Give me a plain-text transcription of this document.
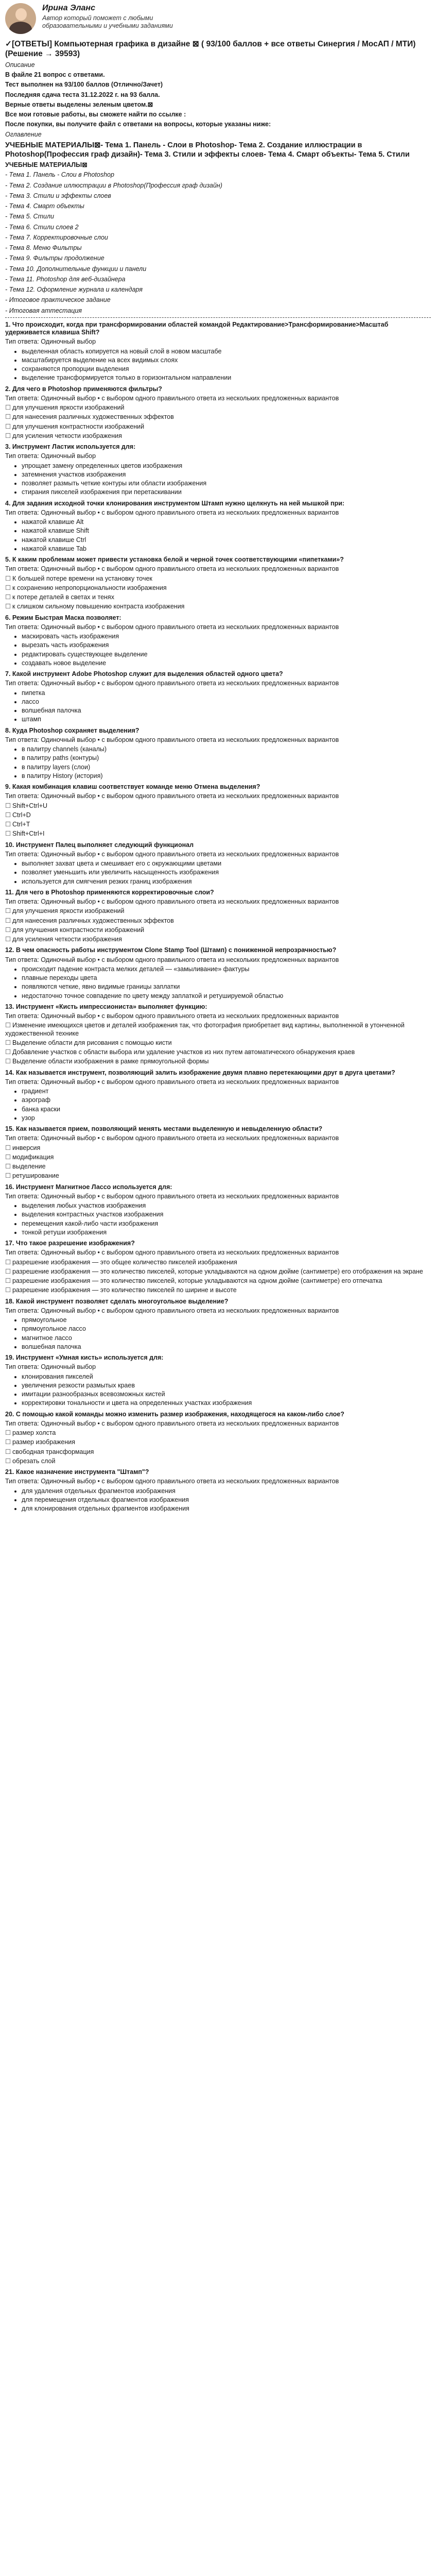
Ирина Эланс
Автор который поможет с любыми образовательными и учебными заданиями
✓[ОТВЕТЫ] Компьютерная графика в дизайне ⊠ ( 93/100 баллов + все ответы Синергия / МосАП / МТИ) (Решение → 39593)

Описание

В файле 21 вопрос с ответами.

Тест выполнен на 93/100 баллов (Отлично/Зачет)

Последняя сдача теста 31.12.2022 г. на 93 балла.

Верные ответы выделены зеленым цветом.⊠

Все мои готовые работы, вы сможете найти по ссылке :

После покупки, вы получите файл с ответами на вопросы, которые указаны ниже:

Оглавление

УЧЕБНЫЕ МАТЕРИАЛЫ⊠- Тема 1. Панель - Слои в Photoshop- Тема 2. Создание иллюстрации в Photoshop(Профессия граф дизайн)- Тема 3. Стили и эффекты слоев- Тема 4. Смарт объекты- Тема 5. Стили

УЧЕБНЫЕ МАТЕРИАЛЫ⊠

- Тема 1. Панель - Слои в Photoshop

- Тема 2. Создание иллюстрации в Photoshop(Профессия граф дизайн)

- Тема 3. Стили и эффекты слоев

- Тема 4. Смарт объекты

- Тема 5. Стили

- Тема 6. Стили слоев 2

- Тема 7. Корректировочные слои

- Тема 8. Меню Фильтры

- Тема 9. Фильтры продолжение

- Тема 10. Дополнительные функции и панели

- Тема 11. Photoshop для веб-дизайнера

- Тема 12. Оформление журнала и календаря

- Итоговое практическое задание

- Итоговая аттестация

1. Что происходит, когда при трансформировании областей командой Редактирование>Трансформирование>Масштаб удерживается клавиша Shift?

Тип ответа: Одиночный выбор

• выделенная область копируется на новый слой в новом масштабе
• масштабируется выделение на всех видимых слоях
• сохраняются пропорции выделения
• выделение трансформируется только в горизонтальном направлении

2. Для чего в Photoshop применяются фильтры?

Тип ответа: Одиночный выбор • с выбором одного правильного ответа из нескольких предложенных вариантов

☐ для улучшения яркости изображений

☐ для нанесения различных художественных эффектов

☐ для улучшения контрастности изображений

☐ для усиления четкости изображения

3. Инструмент Ластик используется для:

Тип ответа: Одиночный выбор

• упрощает замену определенных цветов изображения
• затемнения участков изображения
• позволяет размыть четкие контуры или области изображения
• стирания пикселей изображения при перетаскивании

4. Для задания исходной точки клонирования инструментом Штамп нужно щелкнуть на ней мышкой при:

Тип ответа: Одиночный выбор • с выбором одного правильного ответа из нескольких предложенных вариантов

• нажатой клавише Alt
• нажатой клавише Shift
• нажатой клавише Ctrl
• нажатой клавише Tab

5. К каким проблемам может привести установка белой и черной точек соответствующими «пипетками»?

Тип ответа: Одиночный выбор • с выбором одного правильного ответа из нескольких предложенных вариантов

☐ К большей потере времени на установку точек

☐ к сохранению непропорциональности изображения

☐ к потере деталей в светах и тенях

☐ к слишком сильному повышению контраста изображения

6. Режим Быстрая Маска позволяет:

Тип ответа: Одиночный выбор • с выбором одного правильного ответа из нескольких предложенных вариантов

• маскировать часть изображения
• вырезать часть изображения
• редактировать существующее выделение
• создавать новое выделение

7. Какой инструмент Adobe Photoshop служит для выделения областей одного цвета?

Тип ответа: Одиночный выбор • с выбором одного правильного ответа из нескольких предложенных вариантов

• пипетка
• лассо
• волшебная палочка
• штамп

8. Куда Photoshop сохраняет выделения?

Тип ответа: Одиночный выбор • с выбором одного правильного ответа из нескольких предложенных вариантов

• в палитру channels (каналы)
• в палитру paths (контуры)
• в палитру layers (слои)
• в палитру History (история)

9. Какая комбинация клавиш соответствует команде меню Отмена выделения?

Тип ответа: Одиночный выбор • с выбором одного правильного ответа из нескольких предложенных вариантов

☐ Shift+Ctrl+U

☐ Ctrl+D

☐ Ctrl+T

☐ Shift+Ctrl+I

10. Инструмент Палец выполняет следующий функционал

Тип ответа: Одиночный выбор • с выбором одного правильного ответа из нескольких предложенных вариантов

• выполняет захват цвета и смешивает его с окружающими цветами
• позволяет уменьшить или увеличить насыщенность изображения
• используется для смягчения резких границ изображения

11. Для чего в Photoshop применяются корректировочные слои?

Тип ответа: Одиночный выбор • с выбором одного правильного ответа из нескольких предложенных вариантов

☐ для улучшения яркости изображений

☐ для нанесения различных художественных эффектов

☐ для улучшения контрастности изображений

☐ для усиления четкости изображения

12. В чем опасность работы инструментом Clone Stamp Tool (Штамп) с пониженной непрозрачностью?

Тип ответа: Одиночный выбор • с выбором одного правильного ответа из нескольких предложенных вариантов

• происходит падение контраста мелких деталей — «замыливание» фактуры
• плавные переходы цвета
• появляются четкие, явно видимые границы заплатки
• недостаточно точное совпадение по цвету между заплаткой и ретушируемой областью

13. Инструмент «Кисть импрессиониста» выполняет функцию:

Тип ответа: Одиночный выбор • с выбором одного правильного ответа из нескольких предложенных вариантов

☐ Изменение имеющихся цветов и деталей изображения так, что фотография приобретает вид картины, выполненной в утонченной художественной технике

☐ Выделение области для рисования с помощью кисти

☐ Добавление участков с области выбора или удаление участков из них путем автоматического обнаружения краев

☐ Выделение области изображения в рамке прямоугольной формы

14. Как называется инструмент, позволяющий залить изображение двумя плавно перетекающими друг в друга цветами?

Тип ответа: Одиночный выбор • с выбором одного правильного ответа из нескольких предложенных вариантов

• градиент
• аэрограф
• банка краски
• узор

15. Как называется прием, позволяющий менять местами выделенную и невыделенную области?

Тип ответа: Одиночный выбор • с выбором одного правильного ответа из нескольких предложенных вариантов

☐ инверсия

☐ модификация

☐ выделение

☐ ретуширование

16. Инструмент Магнитное Лассо используется для:

Тип ответа: Одиночный выбор • с выбором одного правильного ответа из нескольких предложенных вариантов

• выделения любых участков изображения
• выделения контрастных участков изображения
• перемещения какой-либо части изображения
• тонкой ретуши изображения

17. Что такое разрешение изображения?

Тип ответа: Одиночный выбор • с выбором одного правильного ответа из нескольких предложенных вариантов

☐ разрешение изображения — это общее количество пикселей изображения

☐ разрешение изображения — это количество пикселей, которые укладываются на одном дюйме (сантиметре) его отображения на экране

☐ разрешение изображения — это количество пикселей, которые укладываются на одном дюйме (сантиметре) его отпечатка

☐ разрешение изображения — это количество пикселей по ширине и высоте

18. Какой инструмент позволяет сделать многоугольное выделение?

Тип ответа: Одиночный выбор • с выбором одного правильного ответа из нескольких предложенных вариантов

• прямоугольное
• прямоугольное лассо
• магнитное лассо
• волшебная палочка

19. Инструмент «Умная кисть» используется для:

Тип ответа: Одиночный выбор

• клонирования пикселей
• увеличения резкости размытых краев
• имитации разнообразных всевозможных кистей
• корректировки тональности и цвета на определенных участках изображения

20. С помощью какой команды можно изменить размер изображения, находящегося на каком-либо слое?

Тип ответа: Одиночный выбор • с выбором одного правильного ответа из нескольких предложенных вариантов

☐ размер холста

☐ размер изображения

☐ свободная трансформация

☐ обрезать слой

21. Какое назначение инструмента "Штамп"?

Тип ответа: Одиночный выбор • с выбором одного правильного ответа из нескольких предложенных вариантов

• для удаления отдельных фрагментов изображения
• для перемещения отдельных фрагментов изображения
• для клонирования отдельных фрагментов изображения
